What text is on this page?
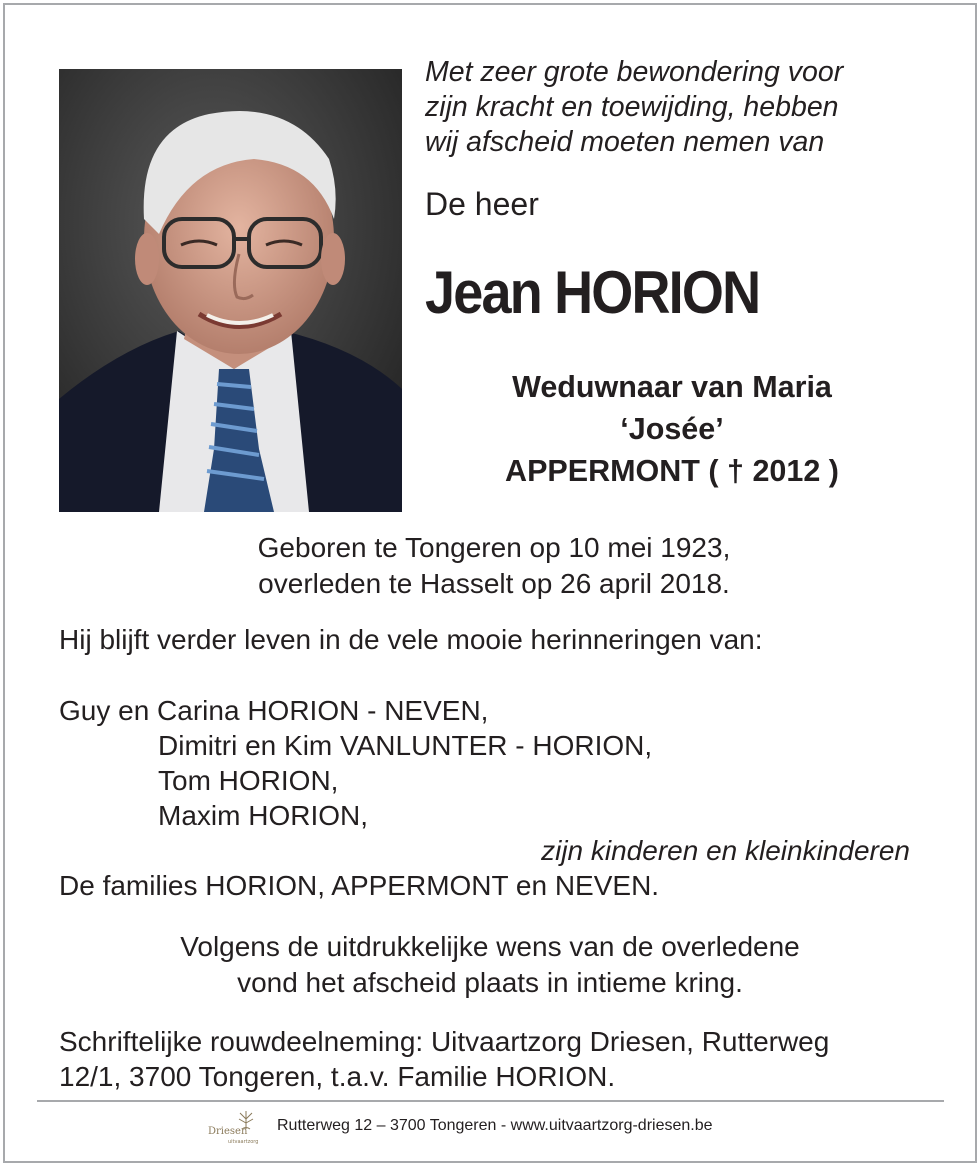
Met zeer grote bewondering voor
zijn kracht en toewijding, hebben
wij afscheid moeten nemen van
De heer
Jean HORION
Weduwnaar van Maria
‘Josée’
APPERMONT ( † 2012 )
Geboren te Tongeren op 10 mei 1923,
overleden te Hasselt op 26 april 2018.
Hij blijft verder leven in de vele mooie herinneringen van:
Guy en Carina HORION - NEVEN,
Dimitri en Kim VANLUNTER - HORION,
Tom HORION,
Maxim HORION,
zijn kinderen en kleinkinderen
De families HORION, APPERMONT en NEVEN.
Volgens de uitdrukkelijke wens van de overledene
vond het afscheid plaats in intieme kring.
Schriftelijke rouwdeelneming: Uitvaartzorg Driesen, Rutterweg
12/1, 3700 Tongeren, t.a.v. Familie HORION.
Driesen
uitvaartzorg
Rutterweg 12 – 3700 Tongeren - www.uitvaartzorg-driesen.be
